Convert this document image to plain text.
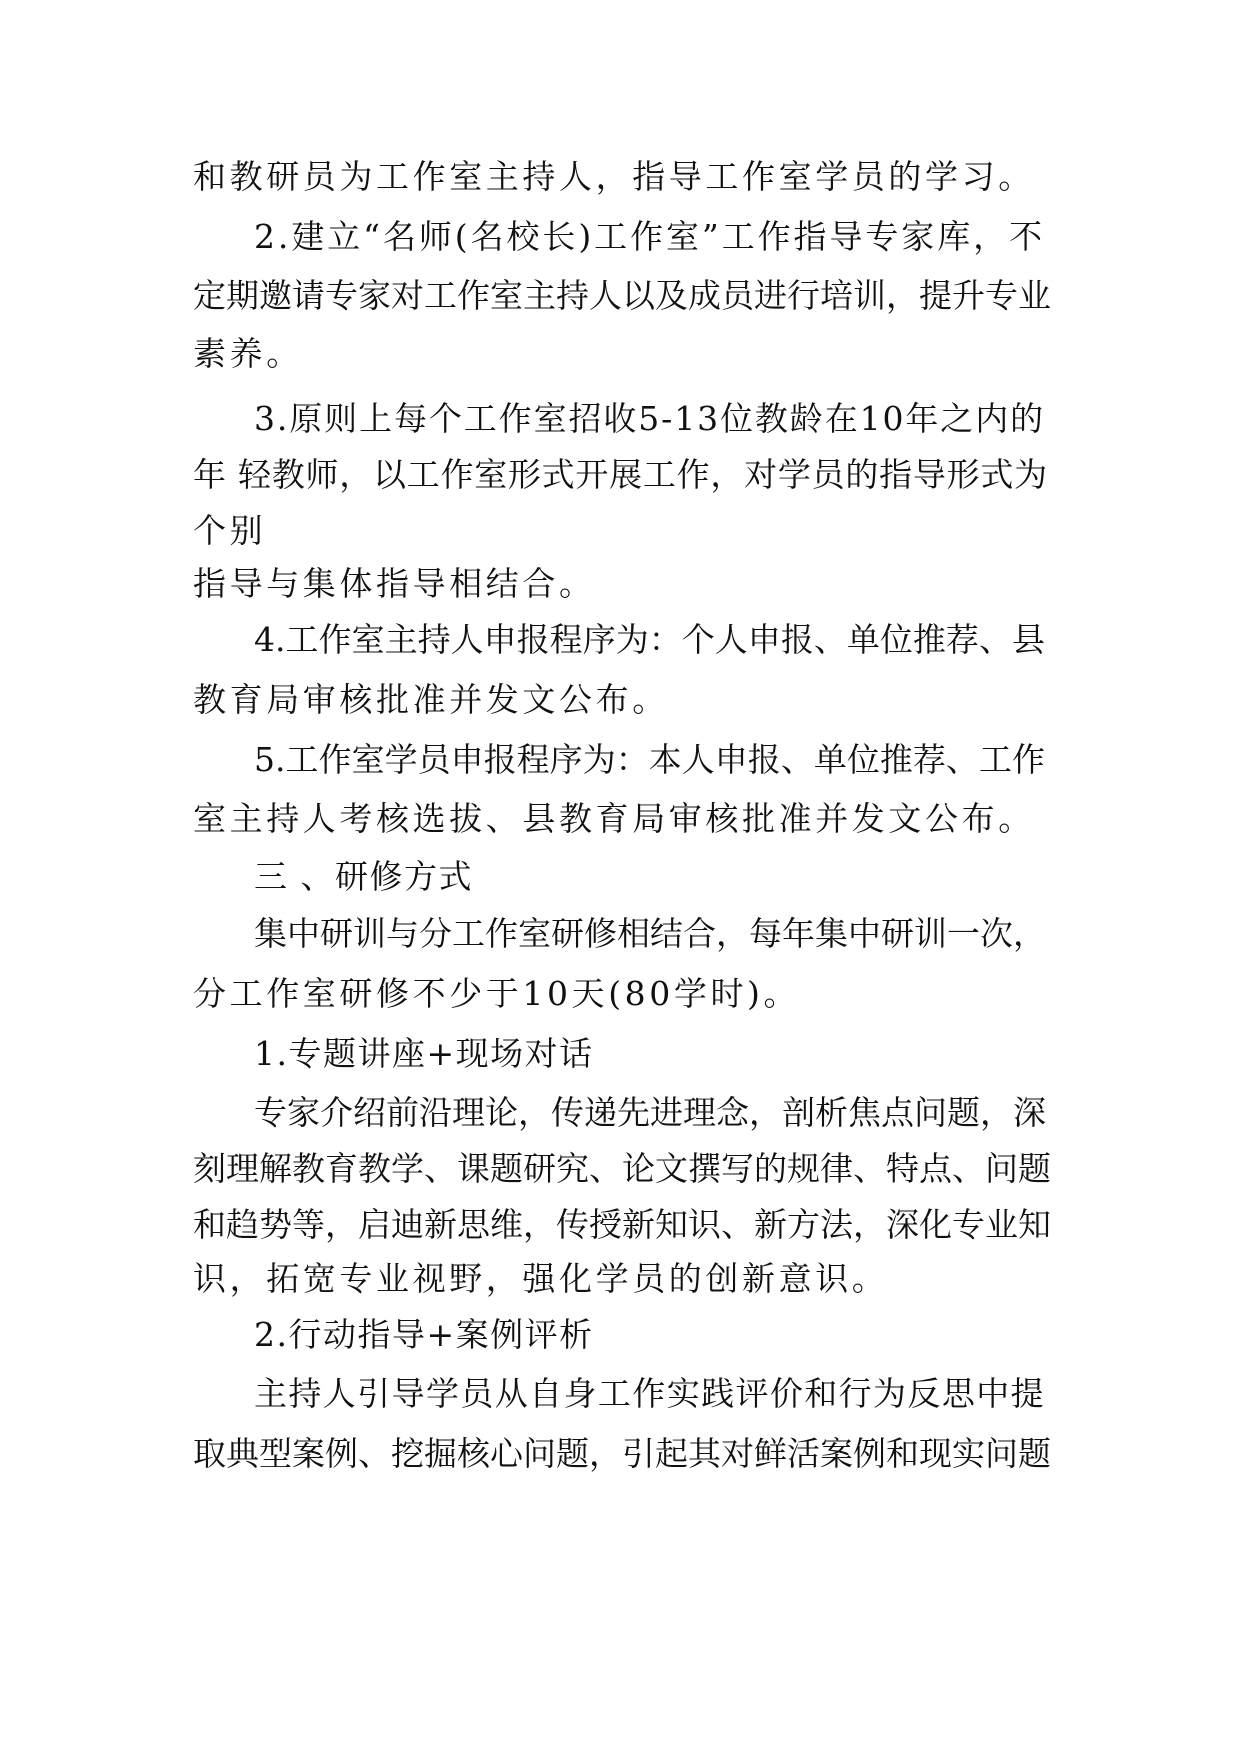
和教研员为工作室主持人，指导工作室学员的学习。

2.建立“名师(名校长)工作室”工作指导专家库，不

定期邀请专家对工作室主持人以及成员进行培训，提升专业

素养。

3.原则上每个工作室招收5-13位教龄在10年之内的

年 轻教师，以工作室形式开展工作，对学员的指导形式为

个别

指导与集体指导相结合。

4.工作室主持人申报程序为：个人申报、单位推荐、县

教育局审核批准并发文公布。

5.工作室学员申报程序为：本人申报、单位推荐、工作

室主持人考核选拔、县教育局审核批准并发文公布。

三 、研修方式

集中研训与分工作室研修相结合，每年集中研训一次，

分工作室研修不少于10天(80学时)。

1.专题讲座+现场对话

专家介绍前沿理论，传递先进理念，剖析焦点问题，深

刻理解教育教学、课题研究、论文撰写的规律、特点、问题

和趋势等，启迪新思维，传授新知识、新方法，深化专业知

识，拓宽专业视野，强化学员的创新意识。

2.行动指导+案例评析

主持人引导学员从自身工作实践评价和行为反思中提

取典型案例、挖掘核心问题，引起其对鲜活案例和现实问题
